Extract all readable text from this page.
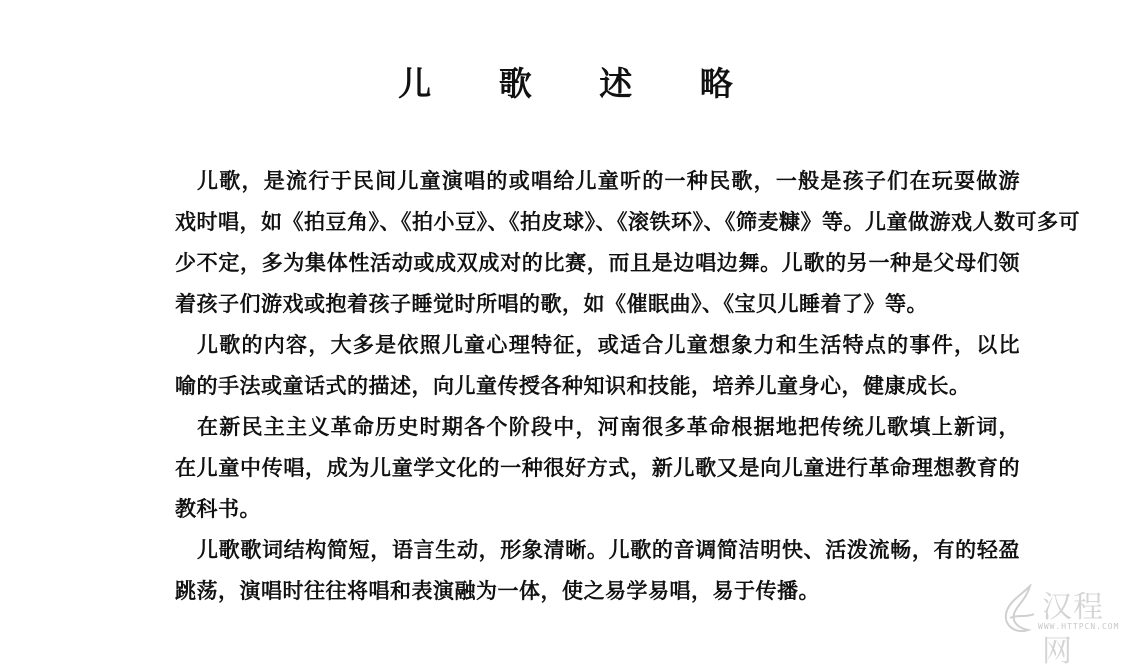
儿 歌 述 略
儿歌，是流行于民间儿童演唱的或唱给儿童听的一种民歌，一般是孩子们在玩耍做游
戏时唱，如《拍豆角》、《拍小豆》、《拍皮球》、《滚铁环》、《筛麦糠》等。儿童做游戏人数可多可
少不定，多为集体性活动或成双成对的比赛，而且是边唱边舞。儿歌的另一种是父母们领
着孩子们游戏或抱着孩子睡觉时所唱的歌，如《催眠曲》、《宝贝儿睡着了》等。
儿歌的内容，大多是依照儿童心理特征，或适合儿童想象力和生活特点的事件，以比
喻的手法或童话式的描述，向儿童传授各种知识和技能，培养儿童身心，健康成长。
在新民主主义革命历史时期各个阶段中，河南很多革命根据地把传统儿歌填上新词，
在儿童中传唱，成为儿童学文化的一种很好方式，新儿歌又是向儿童进行革命理想教育的
教科书。
儿歌歌词结构简短，语言生动，形象清晰。儿歌的音调简洁明快、活泼流畅，有的轻盈
跳荡，演唱时往往将唱和表演融为一体，使之易学易唱，易于传播。	汉程网
WWW.HTTPCN.COM
